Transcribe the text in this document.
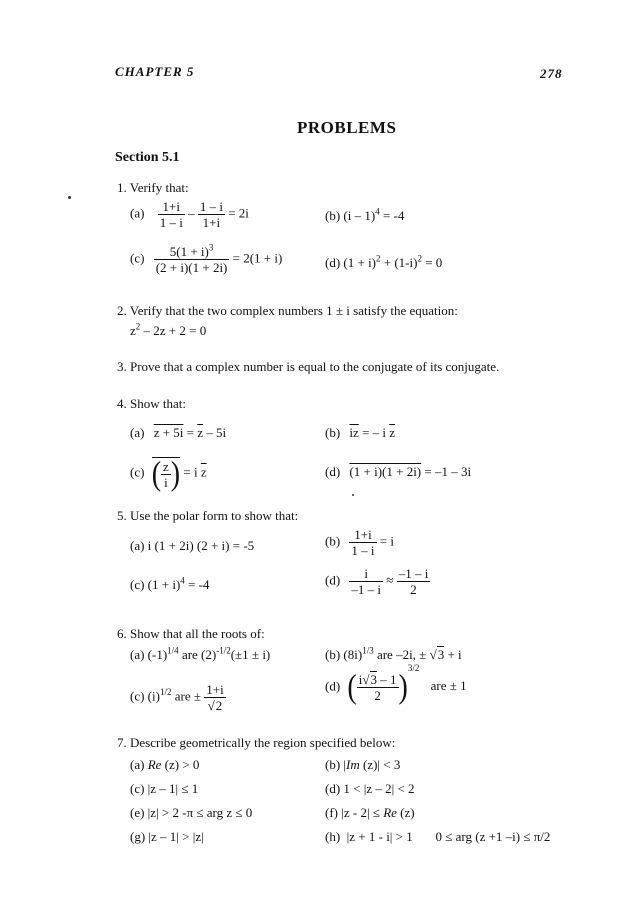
CHAPTER 5	278
PROBLEMS
Section 5.1
1. Verify that:
$(a) \frac{1+i}{1 - i} - \frac{1 - i}{1+i} = 2i$	(b) (i – 1)$^4$ = -4
$(c) \frac{5(1 + i)^3}{(2 + i)(1 + 2i)} = 2(1 + i)$	(d) $(1 + i)^2 + (1-i)^2 = 0$
2. Verify that the two complex numbers 1 ± i satisfy the equation:
$z^2 - 2z + 2 = 0$
3. Prove that a complex number is equal to the conjugate of its conjugate.
4. Show that:
(a) $z + 5i = \overline{z} - 5i$	(b) $\overline{iz}$ = – i $\overline{z}$
(c) ( $\frac{z}{i}$ ) = i $\overline{z}$	(d) (1 + i)(1 + 2i) = –1 – 3i
5. Use the polar form to show that:
(a) i (1 + 2i) (2 + i) = -5	$(b) \frac{1+i}{1 - i} = i$
(c) $(1 + i)^4 = -4$	$(d) \frac{i}{-1 - i} \approx \frac{-1 - i}{2}$
6. Show that all the roots of:
(a) $(-1)^{1/4}$ are $(2)^{-1/2}(\pm 1 \pm i)$	(b) $(8i)^{1/3}$ are –2i, ± √3 + i
(c) $(i)^{1/2}$ are ± $\frac{1+i}{√2}$	(d) ( $\frac{i√3 - 1}{2} )^{3/2}$ are ± 1
7. Describe geometrically the region specified below:
(a) Re (z) > 0	(b) |Im (z)| < 3
(c) |z – 1| ≤ 1	(d) 1 < |z – 2| < 2
(e) |z| > 2 -π ≤ arg z ≤ 0	(f) |z - 2| ≤ Re (z)
(g) |z – 1| > |z|	(h)  |z + 1 - i| > 1       0 ≤ arg (z +1 –i) ≤ π/2
